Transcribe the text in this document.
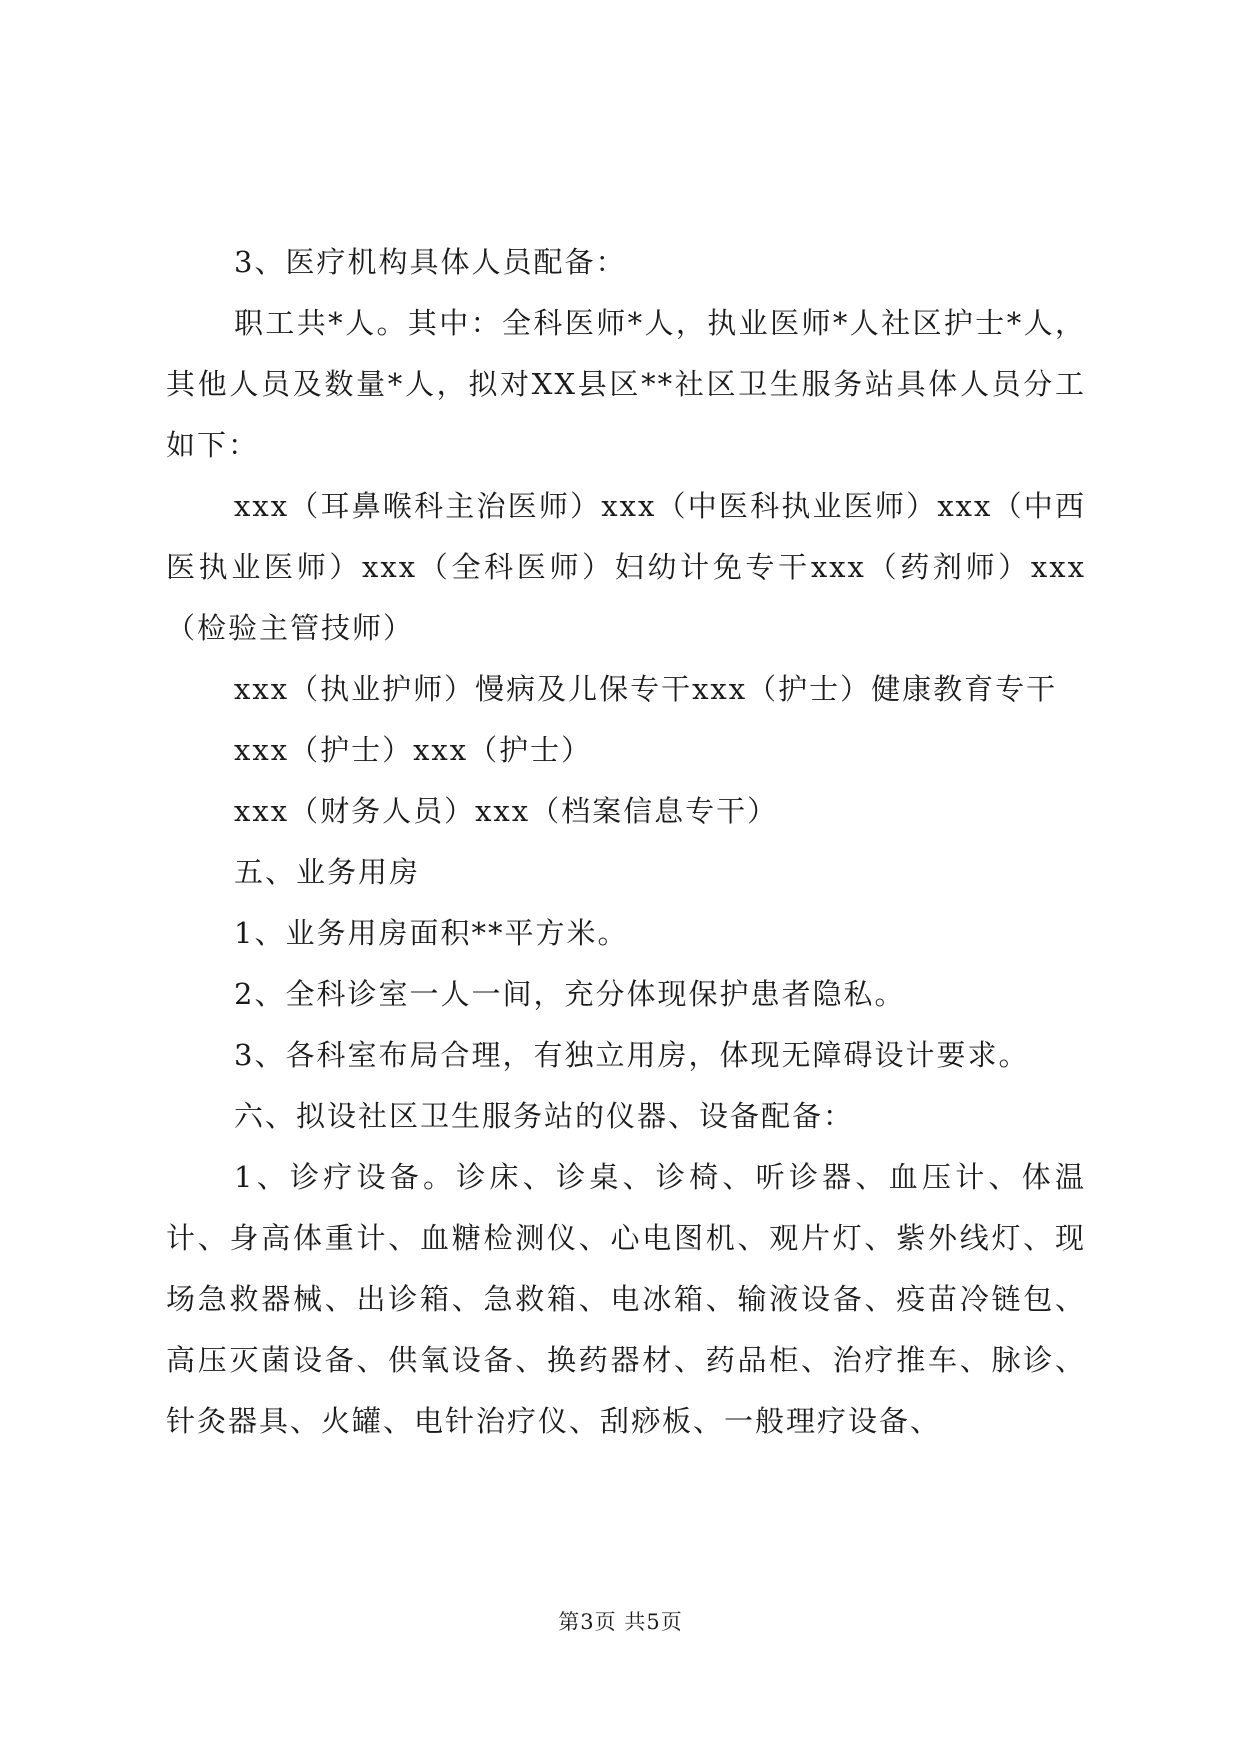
3、医疗机构具体人员配备：

职工共*人。其中：全科医师*人，执业医师*人社区护士*人，其他人员及数量*人，拟对XX县区**社区卫生服务站具体人员分工如下：

xxx（耳鼻喉科主治医师）xxx（中医科执业医师）xxx（中西医执业医师）xxx（全科医师）妇幼计免专干xxx（药剂师）xxx（检验主管技师）

xxx（执业护师）慢病及儿保专干xxx（护士）健康教育专干

xxx（护士）xxx（护士）

xxx（财务人员）xxx（档案信息专干）

五、业务用房

1、业务用房面积**平方米。

2、全科诊室一人一间，充分体现保护患者隐私。

3、各科室布局合理，有独立用房，体现无障碍设计要求。

六、拟设社区卫生服务站的仪器、设备配备：

1、诊疗设备。诊床、诊桌、诊椅、听诊器、血压计、体温计、身高体重计、血糖检测仪、心电图机、观片灯、紫外线灯、现场急救器械、出诊箱、急救箱、电冰箱、输液设备、疫苗冷链包、高压灭菌设备、供氧设备、换药器材、药品柜、治疗推车、脉诊、针灸器具、火罐、电针治疗仪、刮痧板、一般理疗设备、

第3页 共5页
